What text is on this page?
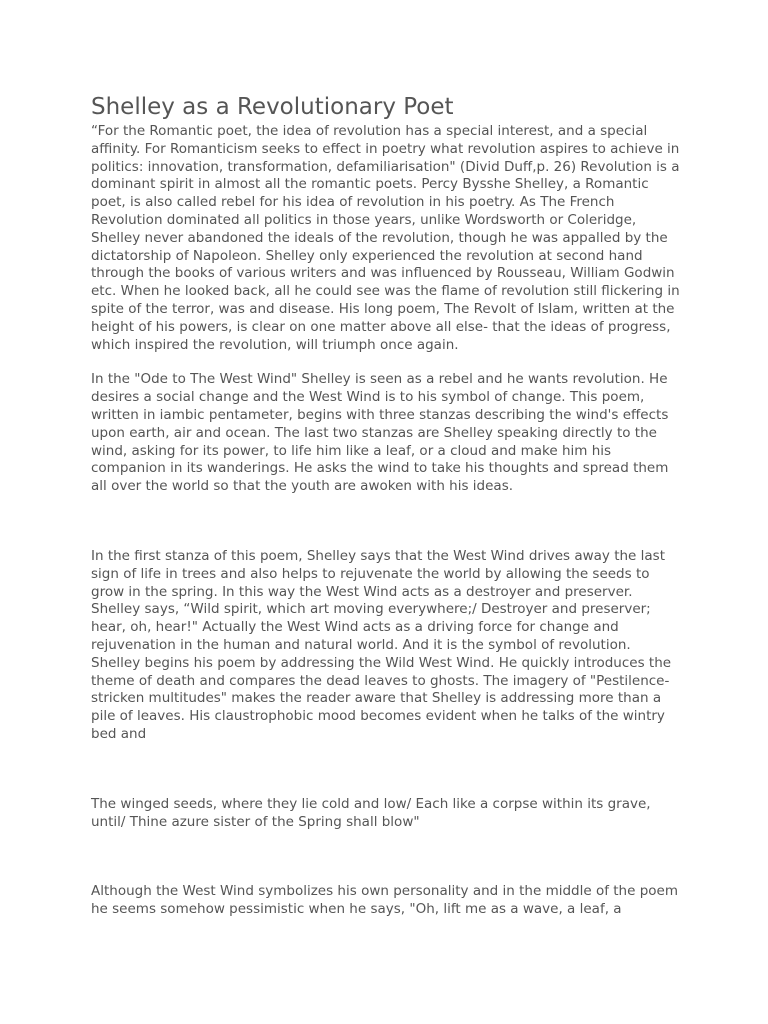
Shelley as a Revolutionary Poet

“For the Romantic poet, the idea of revolution has a special interest, and a special affinity. For Romanticism seeks to effect in poetry what revolution aspires to achieve in politics: innovation, transformation, defamiliarisation" (Divid Duff,p. 26) Revolution is a dominant spirit in almost all the romantic poets. Percy Bysshe Shelley, a Romantic poet, is also called rebel for his idea of revolution in his poetry. As The French Revolution dominated all politics in those years, unlike Wordsworth or Coleridge, Shelley never abandoned the ideals of the revolution, though he was appalled by the dictatorship of Napoleon. Shelley only experienced the revolution at second hand through the books of various writers and was influenced by Rousseau, William Godwin etc. When he looked back, all he could see was the flame of revolution still flickering in spite of the terror, was and disease. His long poem, The Revolt of Islam, written at the height of his powers, is clear on one matter above all else- that the ideas of progress, which inspired the revolution, will triumph once again.

In the "Ode to The West Wind" Shelley is seen as a rebel and he wants revolution. He desires a social change and the West Wind is to his symbol of change. This poem, written in iambic pentameter, begins with three stanzas describing the wind's effects upon earth, air and ocean. The last two stanzas are Shelley speaking directly to the wind, asking for its power, to life him like a leaf, or a cloud and make him his companion in its wanderings. He asks the wind to take his thoughts and spread them all over the world so that the youth are awoken with his ideas.

In the first stanza of this poem, Shelley says that the West Wind drives away the last sign of life in trees and also helps to rejuvenate the world by allowing the seeds to grow in the spring. In this way the West Wind acts as a destroyer and preserver. Shelley says, “Wild spirit, which art moving everywhere;/ Destroyer and preserver; hear, oh, hear!" Actually the West Wind acts as a driving force for change and rejuvenation in the human and natural world. And it is the symbol of revolution. Shelley begins his poem by addressing the Wild West Wind. He quickly introduces the theme of death and compares the dead leaves to ghosts. The imagery of "Pestilence-stricken multitudes" makes the reader aware that Shelley is addressing more than a pile of leaves. His claustrophobic mood becomes evident when he talks of the wintry bed and

The winged seeds, where they lie cold and low/ Each like a corpse within its grave, until/ Thine azure sister of the Spring shall blow"

Although the West Wind symbolizes his own personality and in the middle of the poem he seems somehow pessimistic when he says, "Oh, lift me as a wave, a leaf, a
